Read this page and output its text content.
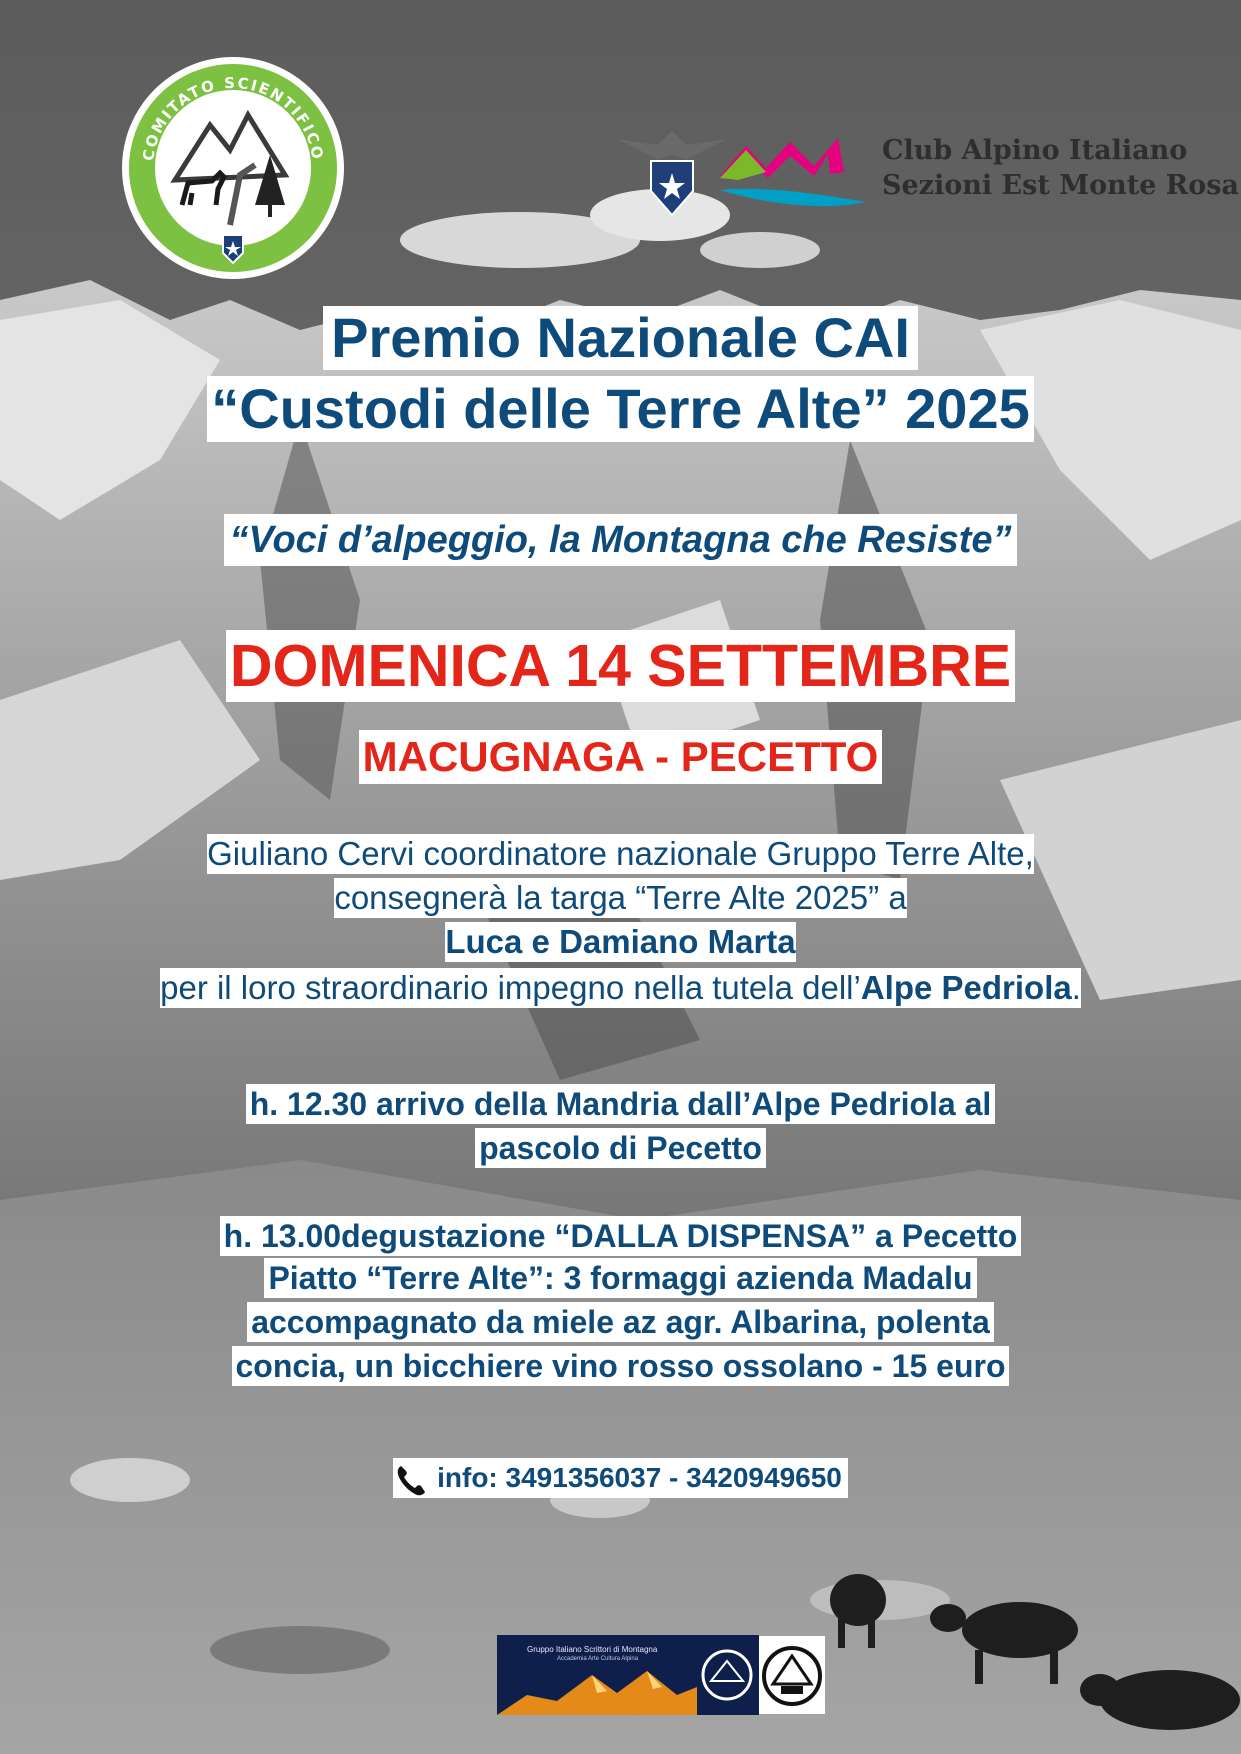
COMITATO SCIENTIFICO	Club Alpino Italiano
Sezioni Est Monte Rosa
Premio Nazionale CAI
“Custodi delle Terre Alte” 2025
“Voci d’alpeggio, la Montagna che Resiste”
DOMENICA 14 SETTEMBRE
MACUGNAGA - PECETTO
Giuliano Cervi coordinatore nazionale Gruppo Terre Alte,
consegnerà la targa “Terre Alte 2025” a
Luca e Damiano Marta
per il loro straordinario impegno nella tutela dell’Alpe Pedriola.
h. 12.30 arrivo della Mandria dall’Alpe Pedriola al
pascolo di Pecetto
h. 13.00degustazione “DALLA DISPENSA” a Pecetto
Piatto “Terre Alte”: 3 formaggi azienda Madalu
accompagnato da miele az agr. Albarina, polenta
concia, un bicchiere vino rosso ossolano - 15 euro
info: 3491356037 - 3420949650
Gruppo Italiano Scrittori di Montagna
Accademia Arte Cultura Alpina
